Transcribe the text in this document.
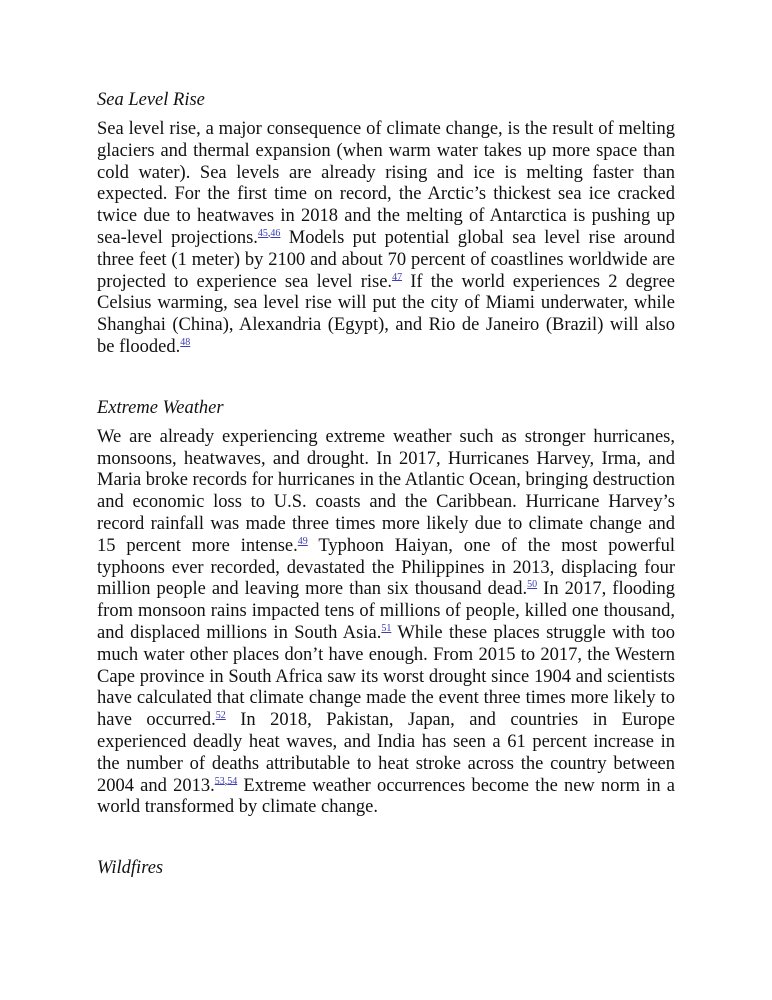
Sea Level Rise

Sea level rise, a major consequence of climate change, is the result of melting glaciers and thermal expansion (when warm water takes up more space than cold water). Sea levels are already rising and ice is melting faster than expected. For the first time on record, the Arctic’s thickest sea ice cracked twice due to heatwaves in 2018 and the melting of Antarctica is pushing up sea-level projections.$^{45,46}$ Models put potential global sea level rise around three feet (1 meter) by 2100 and about 70 percent of coastlines worldwide are projected to experience sea level rise.$^{47}$ If the world experiences 2 degree Celsius warming, sea level rise will put the city of Miami underwater, while Shanghai (China), Alexandria (Egypt), and Rio de Janeiro (Brazil) will also be flooded.$^{48}$

Extreme Weather

We are already experiencing extreme weather such as stronger hurricanes, monsoons, heatwaves, and drought. In 2017, Hurricanes Harvey, Irma, and Maria broke records for hurricanes in the Atlantic Ocean, bringing destruction and economic loss to U.S. coasts and the Caribbean. Hurricane Harvey’s record rainfall was made three times more likely due to climate change and 15 percent more intense.$^{49}$ Typhoon Haiyan, one of the most powerful typhoons ever recorded, devastated the Philippines in 2013, displacing four million people and leaving more than six thousand dead.$^{50}$ In 2017, flooding from monsoon rains impacted tens of millions of people, killed one thousand, and displaced millions in South Asia.$^{51}$ While these places struggle with too much water other places don’t have enough. From 2015 to 2017, the Western Cape province in South Africa saw its worst drought since 1904 and scientists have calculated that climate change made the event three times more likely to have occurred.$^{52}$ In 2018, Pakistan, Japan, and countries in Europe experienced deadly heat waves, and India has seen a 61 percent increase in the number of deaths attributable to heat stroke across the country between 2004 and 2013.$^{53,54}$ Extreme weather occurrences become the new norm in a world transformed by climate change.

Wildfires
